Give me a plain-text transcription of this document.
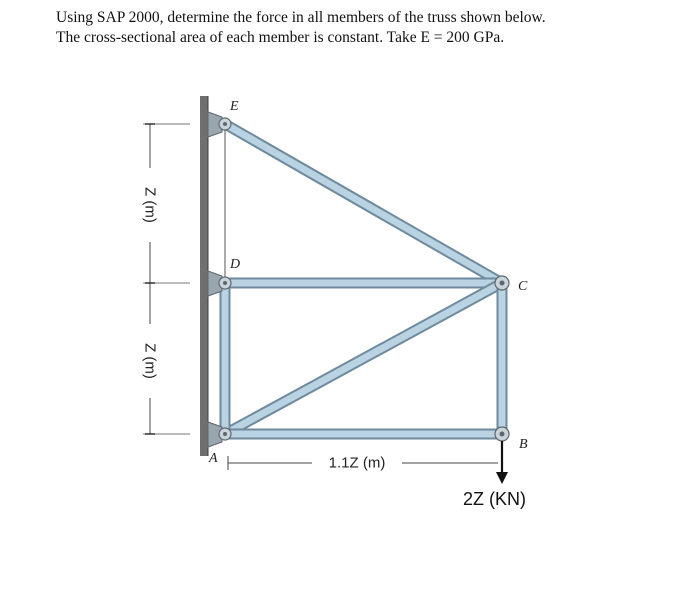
Using SAP 2000, determine the force in all members of the truss shown below.
The cross-sectional area of each member is constant. Take E = 200 GPa.
E
D
C
B
A
Z (m)
Z (m)
1.1Z (m)
2Z (KN)
